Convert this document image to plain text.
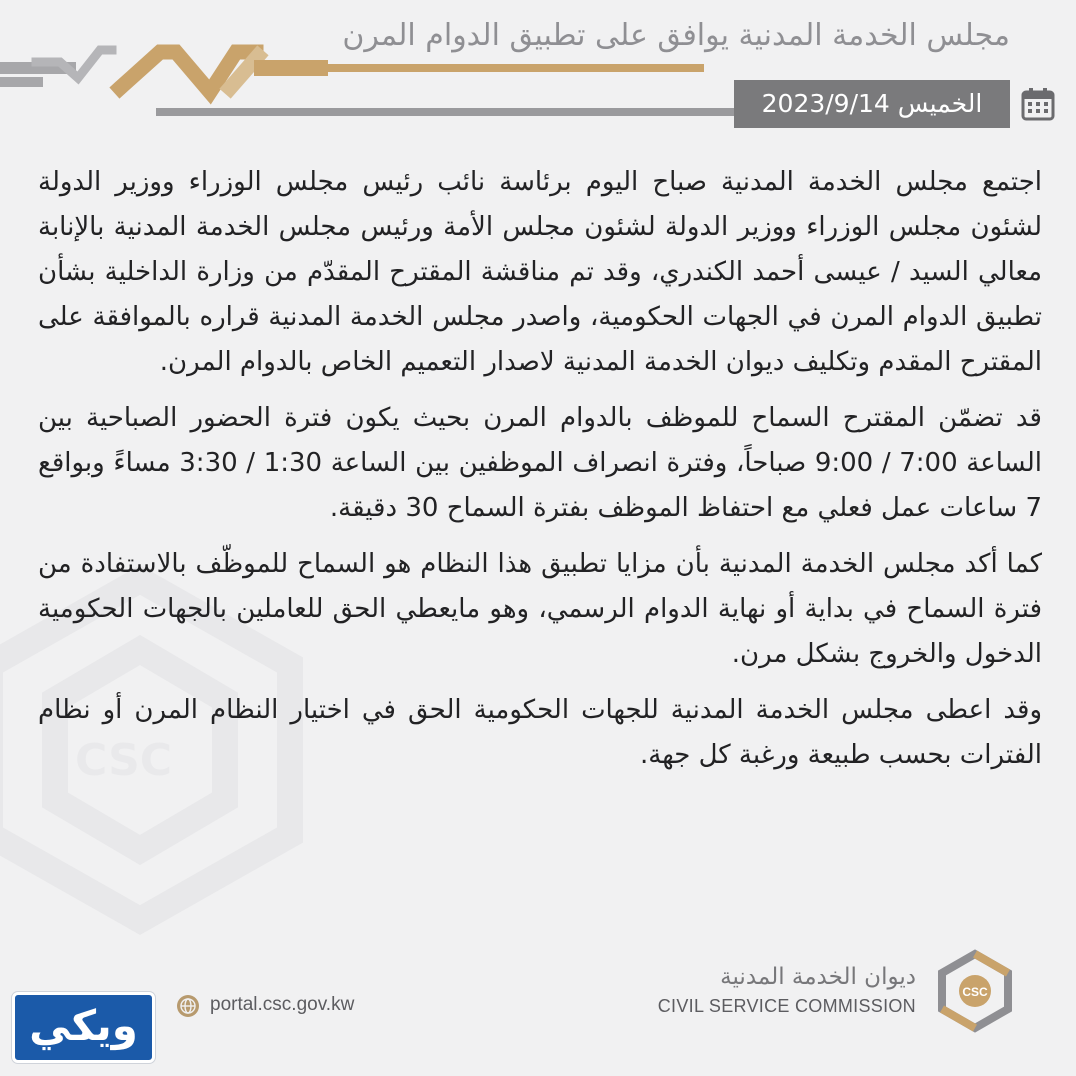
CSC
مجلس الخدمة المدنية يوافق على تطبيق الدوام المرن
الخميس 2023/9/14

اجتمع مجلس الخدمة المدنية صباح اليوم برئاسة نائب رئيس مجلس الوزراء ووزير الدولة لشئون مجلس الوزراء ووزير الدولة لشئون مجلس الأمة ورئيس مجلس الخدمة المدنية بالإنابة معالي السيد / عيسى أحمد الكندري، وقد تم مناقشة المقترح المقدّم من وزارة الداخلية بشأن تطبيق الدوام المرن في الجهات الحكومية، واصدر مجلس الخدمة المدنية قراره بالموافقة على المقترح المقدم وتكليف ديوان الخدمة المدنية لاصدار التعميم الخاص بالدوام المرن.

قد تضمّن المقترح السماح للموظف بالدوام المرن بحيث يكون فترة الحضور الصباحية بين الساعة 7:00 / 9:00 صباحاً، وفترة انصراف الموظفين بين الساعة 1:30 / 3:30 مساءً وبواقع 7 ساعات عمل فعلي مع احتفاظ الموظف بفترة السماح 30 دقيقة.

كما أكد مجلس الخدمة المدنية بأن مزايا تطبيق هذا النظام هو السماح للموظّف بالاستفادة من فترة السماح في بداية أو نهاية الدوام الرسمي، وهو مايعطي الحق للعاملين بالجهات الحكومية الدخول والخروج بشكل مرن.

وقد اعطى مجلس الخدمة المدنية للجهات الحكومية الحق في اختيار النظام المرن أو نظام الفترات بحسب طبيعة ورغبة كل جهة.

CSC
ديوان الخدمة المدنية
CIVIL SERVICE COMMISSION
portal.csc.gov.kw
ويكي
